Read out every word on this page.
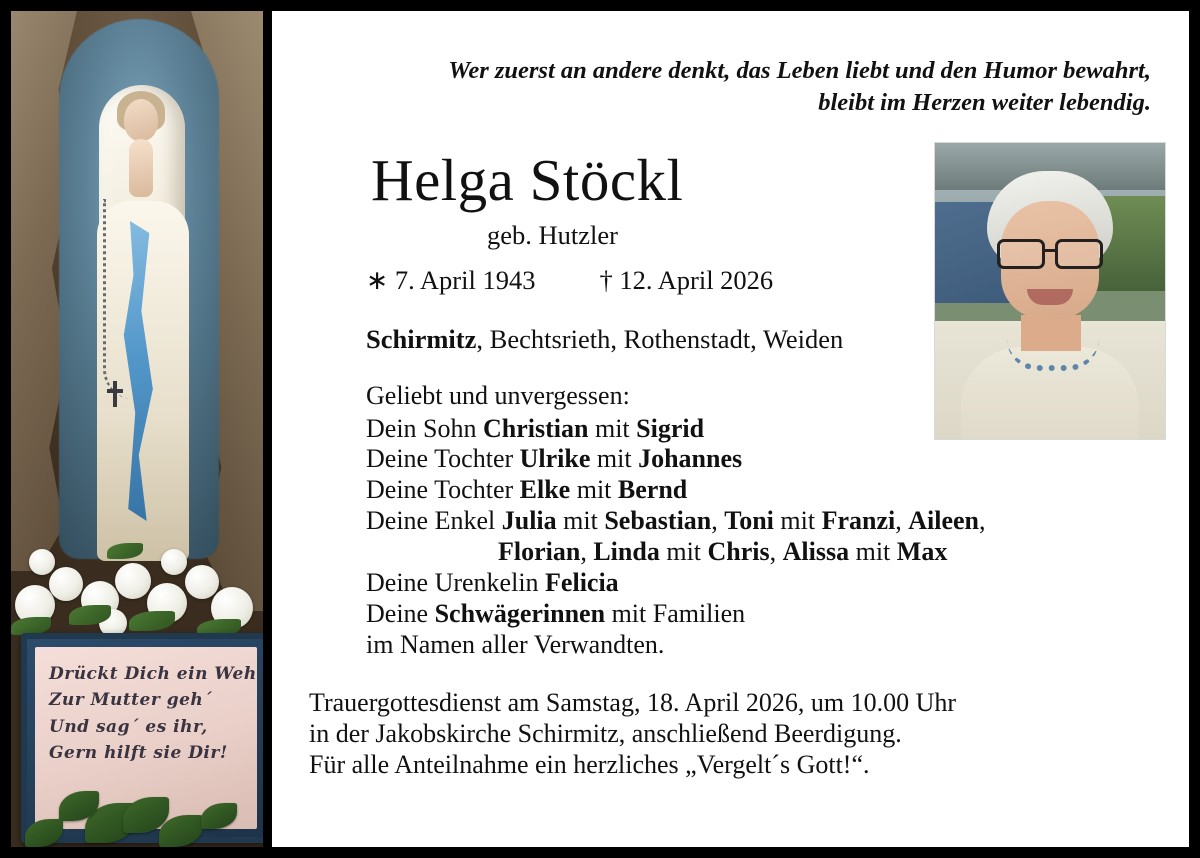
Drückt Dich ein Weh
Zur Mutter geh´
Und sag´ es ihr,
Gern hilft sie Dir!
Wer zuerst an andere denkt, das Leben liebt und den Humor bewahrt,
bleibt im Herzen weiter lebendig.
Helga Stöckl
geb. Hutzler
∗ 7. April 1943 † 12. April 2026
Schirmitz, Bechtsrieth, Rothenstadt, Weiden
Geliebt und unvergessen:
Dein Sohn Christian mit Sigrid
Deine Tochter Ulrike mit Johannes
Deine Tochter Elke mit Bernd
Deine Enkel Julia mit Sebastian, Toni mit Franzi, Aileen,
Florian, Linda mit Chris, Alissa mit Max
Deine Urenkelin Felicia
Deine Schwägerinnen mit Familien
im Namen aller Verwandten.
Trauergottesdienst am Samstag, 18. April 2026, um 10.00 Uhr
in der Jakobskirche Schirmitz, anschließend Beerdigung.
Für alle Anteilnahme ein herzliches „Vergelt´s Gott!“.
